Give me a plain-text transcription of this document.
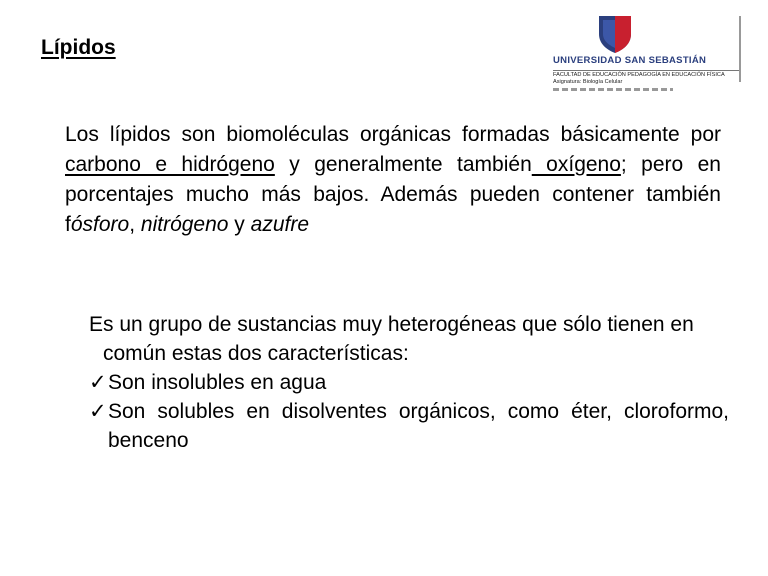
Lípidos
UNIVERSIDAD SAN SEBASTIÁN
FACULTAD DE EDUCACIÓN PEDAGOGÍA EN EDUCACIÓN FÍSICA
Asignatura: Biología Celular
Los lípidos son biomoléculas orgánicas formadas básicamente por carbono e hidrógeno y generalmente también oxígeno; pero en porcentajes mucho más bajos. Además pueden contener también fósforo, nitrógeno y azufre
Es un grupo de sustancias muy heterogéneas que sólo tienen en común estas dos características:
✓Son insolubles en agua
✓Son solubles en disolventes orgánicos, como éter, cloroformo, benceno
